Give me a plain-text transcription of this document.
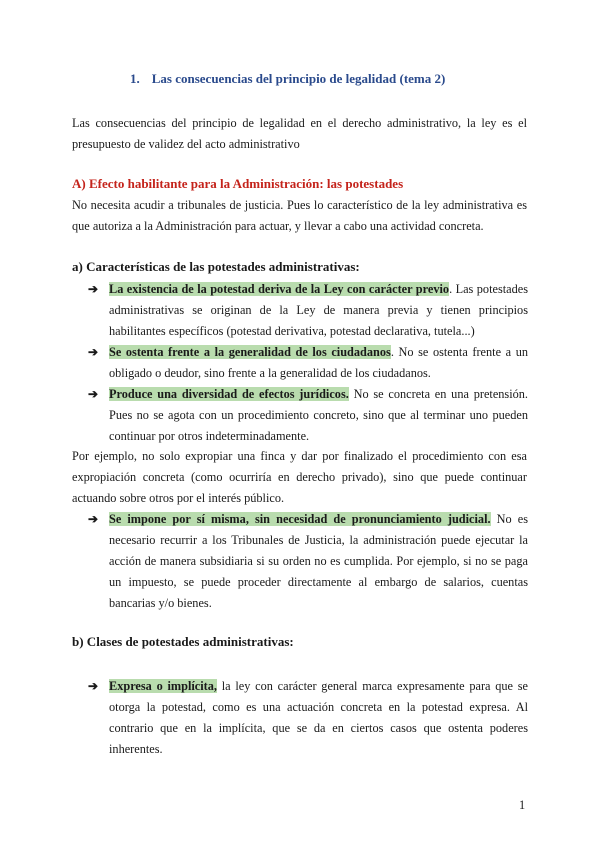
1. Las consecuencias del principio de legalidad (tema 2)
Las consecuencias del principio de legalidad en el derecho administrativo, la ley es el presupuesto de validez del acto administrativo
A) Efecto habilitante para la Administración: las potestades
No necesita acudir a tribunales de justicia. Pues lo característico de la ley administrativa es que autoriza a la Administración para actuar, y llevar a cabo una actividad concreta.
a) Características de las potestades administrativas:
➔ La existencia de la potestad deriva de la Ley con carácter previo. Las potestades administrativas se originan de la Ley de manera previa y tienen principios habilitantes específicos (potestad derivativa, potestad declarativa, tutela...)
➔ Se ostenta frente a la generalidad de los ciudadanos. No se ostenta frente a un obligado o deudor, sino frente a la generalidad de los ciudadanos.
➔ Produce una diversidad de efectos jurídicos. No se concreta en una pretensión. Pues no se agota con un procedimiento concreto, sino que al terminar uno pueden continuar por otros indeterminadamente.
Por ejemplo, no solo expropiar una finca y dar por finalizado el procedimiento con esa expropiación concreta (como ocurriría en derecho privado), sino que puede continuar actuando sobre otros por el interés público.
➔ Se impone por sí misma, sin necesidad de pronunciamiento judicial. No es necesario recurrir a los Tribunales de Justicia, la administración puede ejecutar la acción de manera subsidiaria si su orden no es cumplida. Por ejemplo, si no se paga un impuesto, se puede proceder directamente al embargo de salarios, cuentas bancarias y/o bienes.
b) Clases de potestades administrativas:
➔ Expresa o implícita, la ley con carácter general marca expresamente para que se otorga la potestad, como es una actuación concreta en la potestad expresa. Al contrario que en la implícita, que se da en ciertos casos que ostenta poderes inherentes.
1
